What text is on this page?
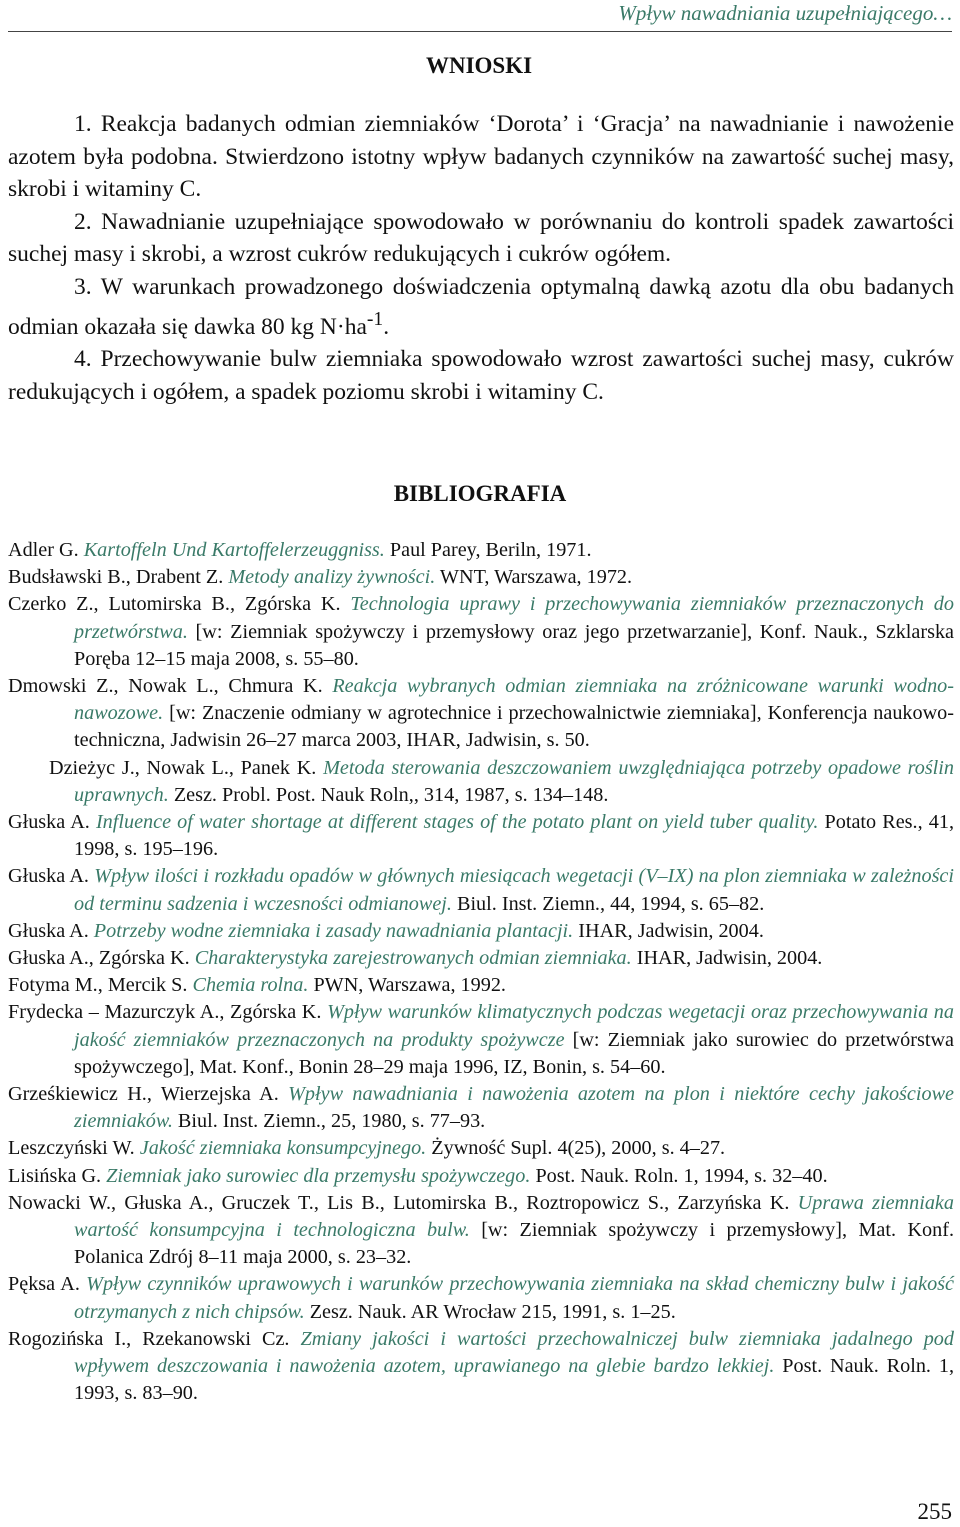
Wpływ nawadniania uzupełniającego…
WNIOSKI

1. Reakcja badanych odmian ziemniaków ‘Dorota’ i ‘Gracja’ na nawadnianie i nawożenie azotem była podobna. Stwierdzono istotny wpływ badanych czynników na zawartość suchej masy, skrobi i witaminy C.

2. Nawadnianie uzupełniające spowodowało w porównaniu do kontroli spadek zawartości suchej masy i skrobi, a wzrost cukrów redukujących i cukrów ogółem.

3. W warunkach prowadzonego doświadczenia optymalną dawką azotu dla obu badanych odmian okazała się dawka 80 kg $N\cdot ha^{-1}$.

4. Przechowywanie bulw ziemniaka spowodowało wzrost zawartości suchej masy, cukrów redukujących i ogółem, a spadek poziomu skrobi i witaminy C.

BIBLIOGRAFIA

Adler G. Kartoffeln Und Kartoffelerzeuggniss. Paul Parey, Beriln, 1971.

Budsławski B., Drabent Z. Metody analizy żywności. WNT, Warszawa, 1972.

Czerko Z., Lutomirska B., Zgórska K. Technologia uprawy i przechowywania ziemniaków przeznaczonych do przetwórstwa. [w: Ziemniak spożywczy i przemysłowy oraz jego przetwarzanie], Konf. Nauk., Szklarska Poręba 12–15 maja 2008, s. 55–80.

Dmowski Z., Nowak L., Chmura K. Reakcja wybranych odmian ziemniaka na zróżnicowane warunki wodno-nawozowe. [w: Znaczenie odmiany w agrotechnice i przechowalnictwie ziemniaka], Konferencja naukowo-techniczna, Jadwisin 26–27 marca 2003, IHAR, Jadwisin, s. 50.

Dzieżyc J., Nowak L., Panek K. Metoda sterowania deszczowaniem uwzględniająca potrzeby opadowe roślin uprawnych. Zesz. Probl. Post. Nauk Roln,, 314, 1987, s. 134–148.

Głuska A. Influence of water shortage at different stages of the potato plant on yield tuber quality. Potato Res., 41, 1998, s. 195–196.

Głuska A. Wpływ ilości i rozkładu opadów w głównych miesiącach wegetacji (V–IX) na plon ziemniaka w zależności od terminu sadzenia i wczesności odmianowej. Biul. Inst. Ziemn., 44, 1994, s. 65–82.

Głuska A. Potrzeby wodne ziemniaka i zasady nawadniania plantacji. IHAR, Jadwisin, 2004.

Głuska A., Zgórska K. Charakterystyka zarejestrowanych odmian ziemniaka. IHAR, Jadwisin, 2004.

Fotyma M., Mercik S. Chemia rolna. PWN, Warszawa, 1992.

Frydecka – Mazurczyk A., Zgórska K. Wpływ warunków klimatycznych podczas wegetacji oraz przechowywania na jakość ziemniaków przeznaczonych na produkty spożywcze [w: Ziemniak jako surowiec do przetwórstwa spożywczego], Mat. Konf., Bonin 28–29 maja 1996, IZ, Bonin, s. 54–60.

Grześkiewicz H., Wierzejska A. Wpływ nawadniania i nawożenia azotem na plon i niektóre cechy jakościowe ziemniaków. Biul. Inst. Ziemn., 25, 1980, s. 77–93.

Leszczyński W. Jakość ziemniaka konsumpcyjnego. Żywność Supl. 4(25), 2000, s. 4–27.

Lisińska G. Ziemniak jako surowiec dla przemysłu spożywczego. Post. Nauk. Roln. 1, 1994, s. 32–40.

Nowacki W., Głuska A., Gruczek T., Lis B., Lutomirska B., Roztropowicz S., Zarzyńska K. Uprawa ziemniaka wartość konsumpcyjna i technologiczna bulw. [w: Ziemniak spożywczy i przemysłowy], Mat. Konf. Polanica Zdrój 8–11 maja 2000, s. 23–32.

Pęksa A. Wpływ czynników uprawowych i warunków przechowywania ziemniaka na skład chemiczny bulw i jakość otrzymanych z nich chipsów. Zesz. Nauk. AR Wrocław 215, 1991, s. 1–25.

Rogozińska I., Rzekanowski Cz. Zmiany jakości i wartości przechowalniczej bulw ziemniaka jadalnego pod wpływem deszczowania i nawożenia azotem, uprawianego na glebie bardzo lekkiej. Post. Nauk. Roln. 1, 1993, s. 83–90.

255
